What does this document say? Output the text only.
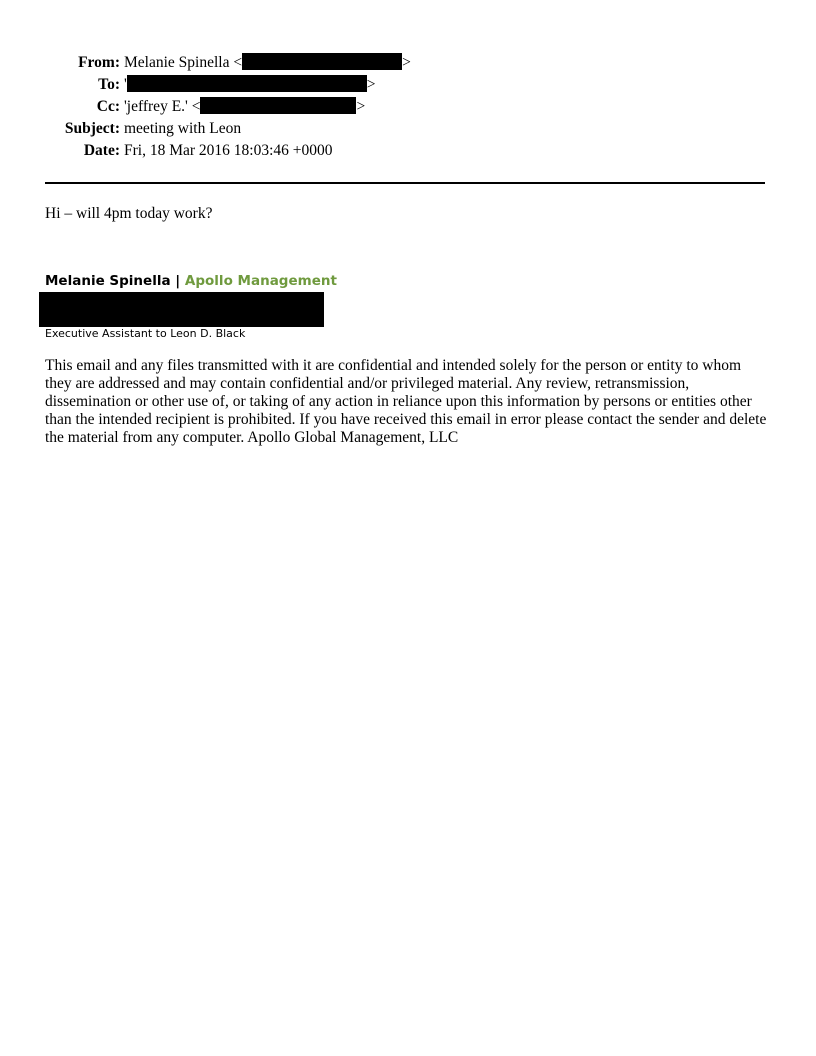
From: Melanie Spinella <	>
To: '	>
Cc: 'jeffrey E.' <	>
Subject: meeting with Leon
Date: Fri, 18 Mar 2016 18:03:46 +0000
Hi – will 4pm today work?
Melanie Spinella | Apollo Management
Executive Assistant to Leon D. Black
This email and any files transmitted with it are confidential and intended solely for the person or entity to whom they are addressed and may contain confidential and/or privileged material. Any review, retransmission, dissemination or other use of, or taking of any action in reliance upon this information by persons or entities other than the intended recipient is prohibited. If you have received this email in error please contact the sender and delete the material from any computer. Apollo Global Management, LLC
